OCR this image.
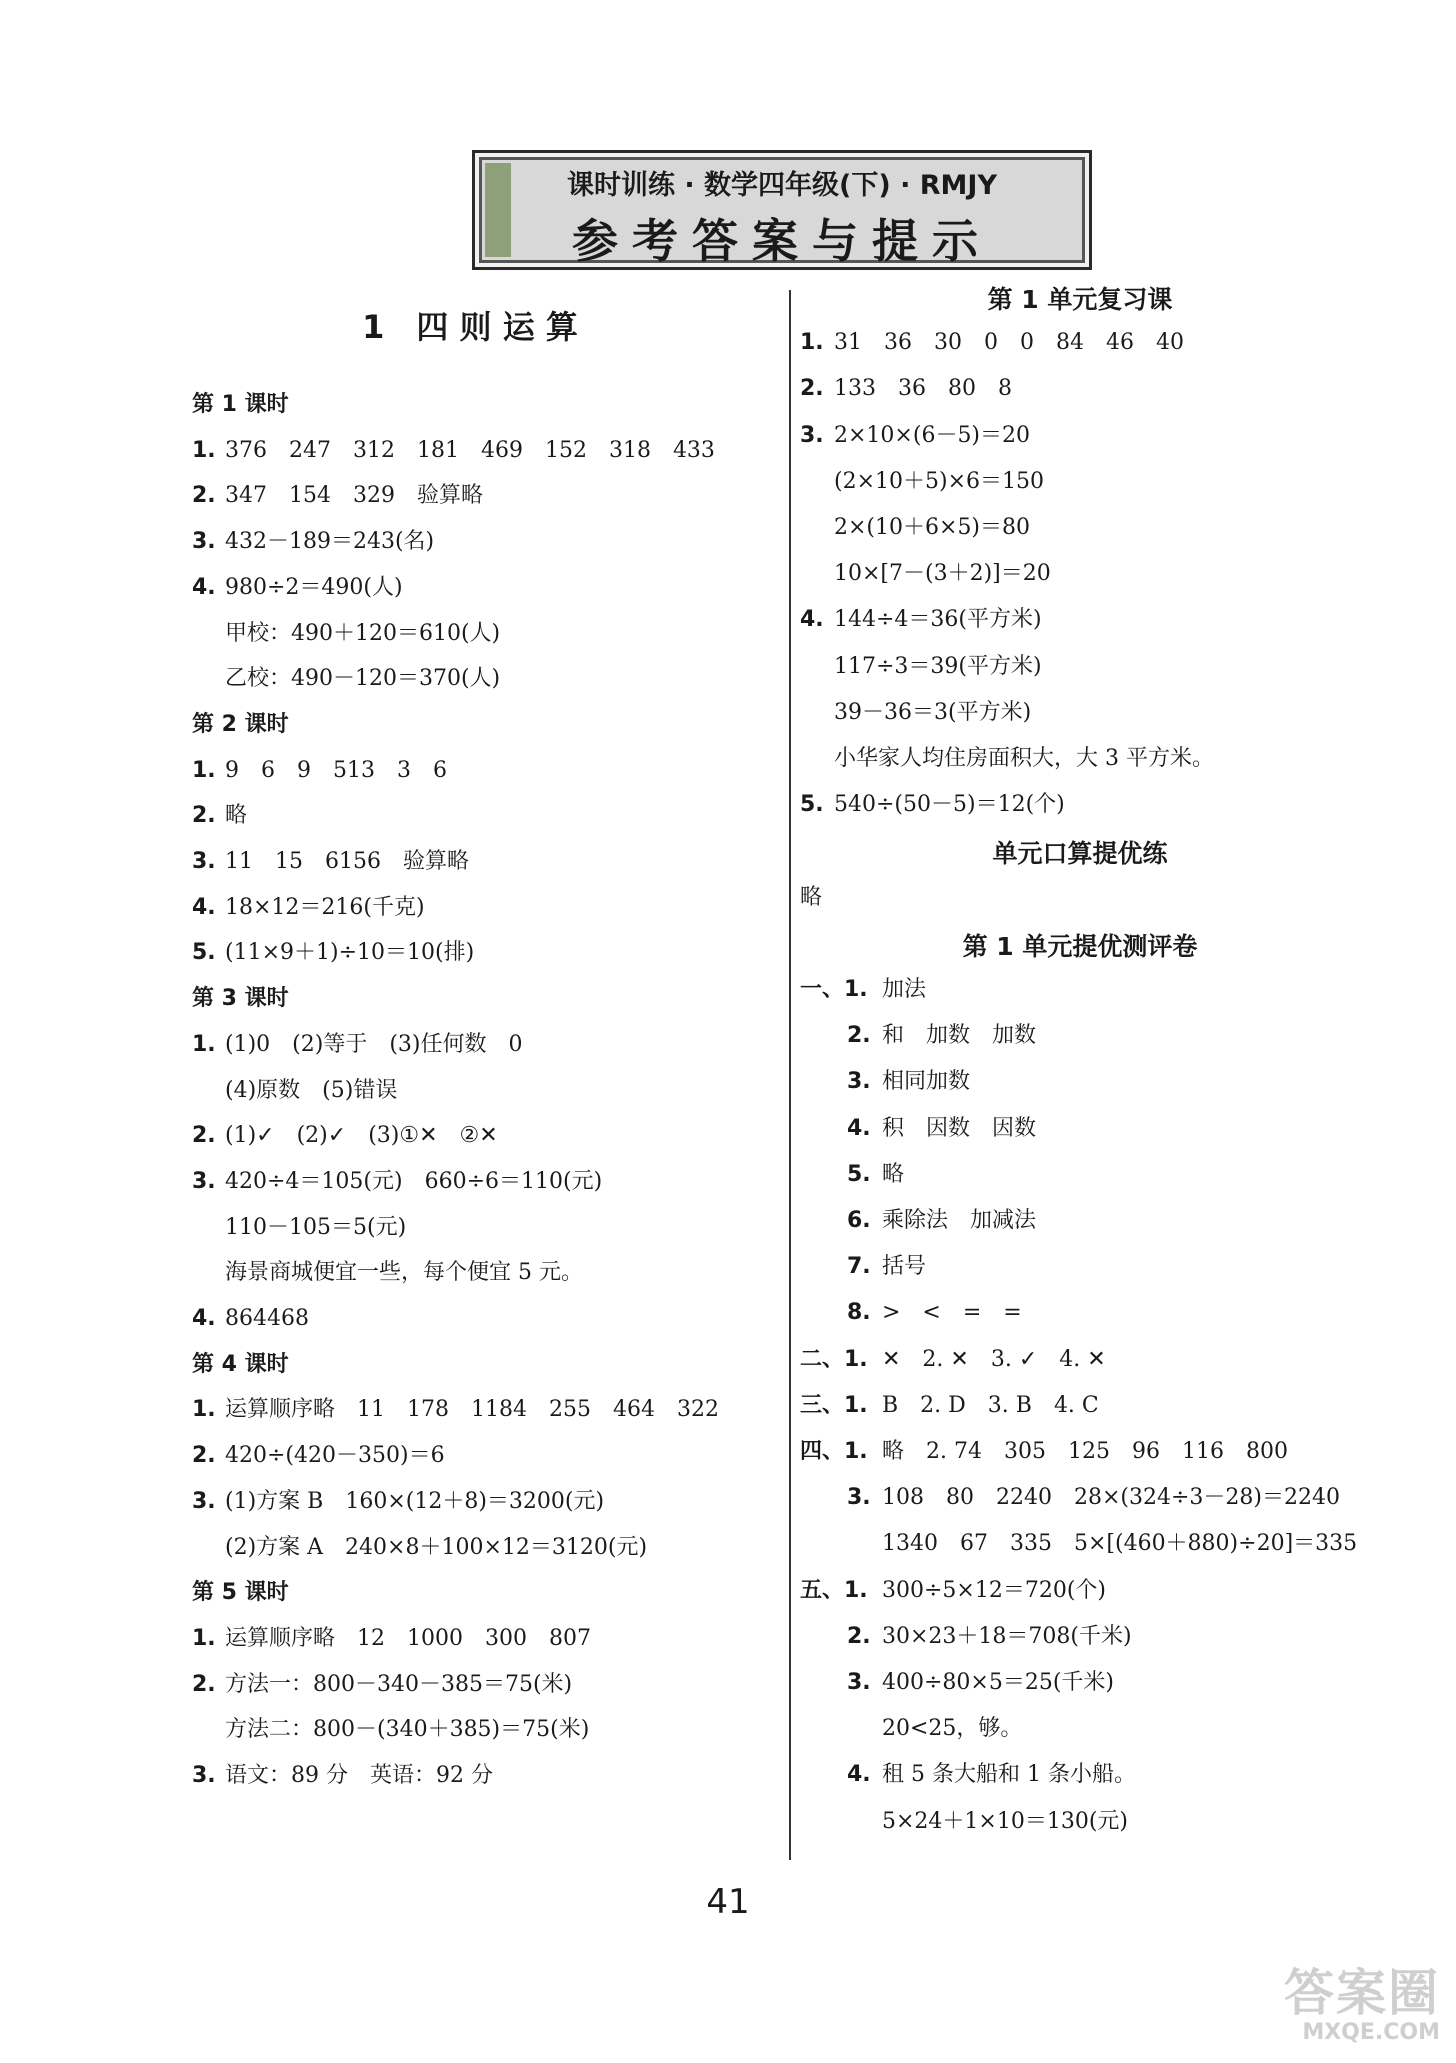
课时训练 · 数学四年级(下) · RMJY
参考答案与提示
1　四 则 运 算
第 1 课时
1. 376　247　312　181　469　152　318　433
2. 347　154　329　验算略
3. 432－189＝243(名)
4. 980÷2＝490(人)
甲校：490＋120＝610(人)
乙校：490－120＝370(人)
第 2 课时
1. 9　6　9　513　3　6
2. 略
3. 11　15　6156　验算略
4. 18×12＝216(千克)
5. (11×9＋1)÷10＝10(排)
第 3 课时
1. (1)0　(2)等于　(3)任何数　0
(4)原数　(5)错误
2. (1)✓　(2)✓　(3)①✕　②✕
3. 420÷4＝105(元)　660÷6＝110(元)
110－105＝5(元)
海景商城便宜一些，每个便宜 5 元。
4. 864468
第 4 课时
1. 运算顺序略　11　178　1184　255　464　322
2. 420÷(420－350)＝6
3. (1)方案 B　160×(12＋8)＝3200(元)
(2)方案 A　240×8＋100×12＝3120(元)
第 5 课时
1. 运算顺序略　12　1000　300　807
2. 方法一：800－340－385＝75(米)
方法二：800－(340＋385)＝75(米)
3. 语文：89 分　英语：92 分
第 1 单元复习课
1. 31　36　30　0　0　84　46　40
2. 133　36　80　8
3. 2×10×(6－5)＝20
(2×10＋5)×6＝150
2×(10＋6×5)＝80
10×[7－(3＋2)]＝20
4. 144÷4＝36(平方米)
117÷3＝39(平方米)
39－36＝3(平方米)
小华家人均住房面积大，大 3 平方米。
5. 540÷(50－5)＝12(个)
单元口算提优练
略
第 1 单元提优测评卷
一、1. 加法
2. 和　加数　加数
3. 相同加数
4. 积　因数　因数
5. 略
6. 乘除法　加减法
7. 括号
8. >　<　=　=
二、1. ✕　2. ✕　3. ✓　4. ✕
三、1. B　2. D　3. B　4. C
四、1. 略　2. 74　305　125　96　116　800
3. 108　80　2240　28×(324÷3－28)＝2240
1340　67　335　5×[(460＋880)÷20]＝335
五、1. 300÷5×12＝720(个)
2. 30×23＋18＝708(千米)
3. 400÷80×5＝25(千米)
20<25，够。
4. 租 5 条大船和 1 条小船。
5×24＋1×10＝130(元)
41
答案圈
MXQE.COM
